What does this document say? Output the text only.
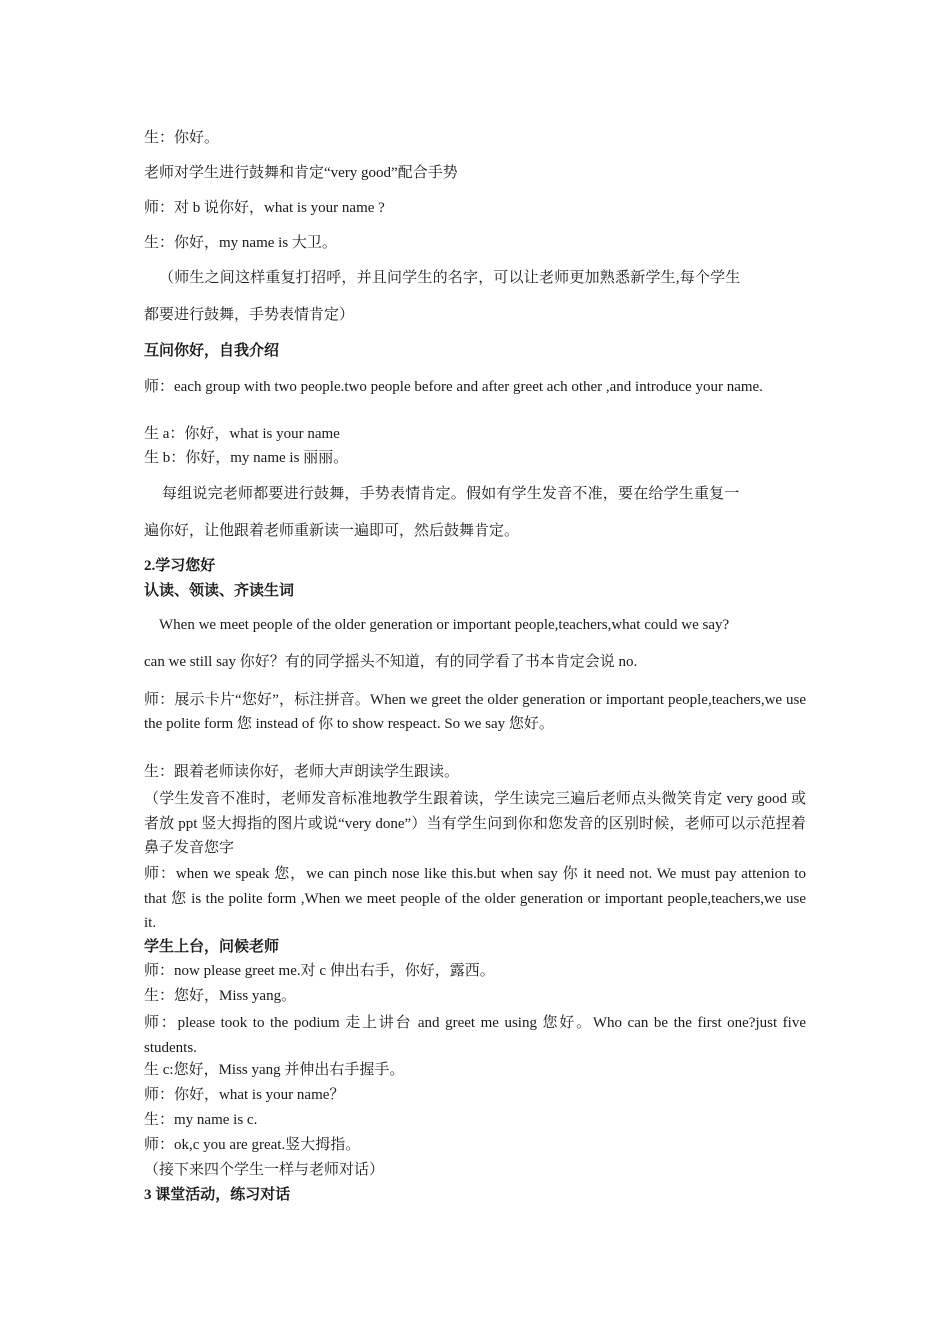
生：你好。
老师对学生进行鼓舞和肯定“very good”配合手势
师：对 b 说你好，what is your name ?
生：你好，my name is 大卫。
（师生之间这样重复打招呼，并且问学生的名字，可以让老师更加熟悉新学生,每个学生
都要进行鼓舞，手势表情肯定）
互问你好，自我介绍
师：each group with two people.two people before and after greet ach other ,and introduce your name.
生 a：你好，what is your name
生 b：你好，my name is 丽丽。
每组说完老师都要进行鼓舞，手势表情肯定。假如有学生发音不准，要在给学生重复一
遍你好，让他跟着老师重新读一遍即可，然后鼓舞肯定。
2.学习您好
认读、领读、齐读生词
When we meet people of the older generation or important people,teachers,what could we say?
can we still say 你好？有的同学摇头不知道，有的同学看了书本肯定会说 no.
师：展示卡片“您好”，标注拼音。When we greet the older generation or important people,teachers,we use the polite form 您 instead of 你 to show respeact. So we say 您好。
生：跟着老师读你好，老师大声朗读学生跟读。
（学生发音不准时，老师发音标准地教学生跟着读，学生读完三遍后老师点头微笑肯定 very good 或者放 ppt 竖大拇指的图片或说“very done”）当有学生问到你和您发音的区别时候，老师可以示范捏着鼻子发音您字
师：when we speak 您，we can pinch nose like this.but when say 你 it need not. We must pay attenion to that 您 is the polite form ,When we meet people of the older generation or important people,teachers,we use it.
学生上台，问候老师
师：now please greet me.对 c 伸出右手，你好，露西。
生：您好，Miss yang。
师：please took to the podium 走上讲台 and greet me using 您好。Who can be the first one?just five students.
生 c:您好，Miss yang 并伸出右手握手。
师：你好，what is your name？
生：my name is c.
师：ok,c you are great.竖大拇指。
（接下来四个学生一样与老师对话）
3 课堂活动，练习对话
